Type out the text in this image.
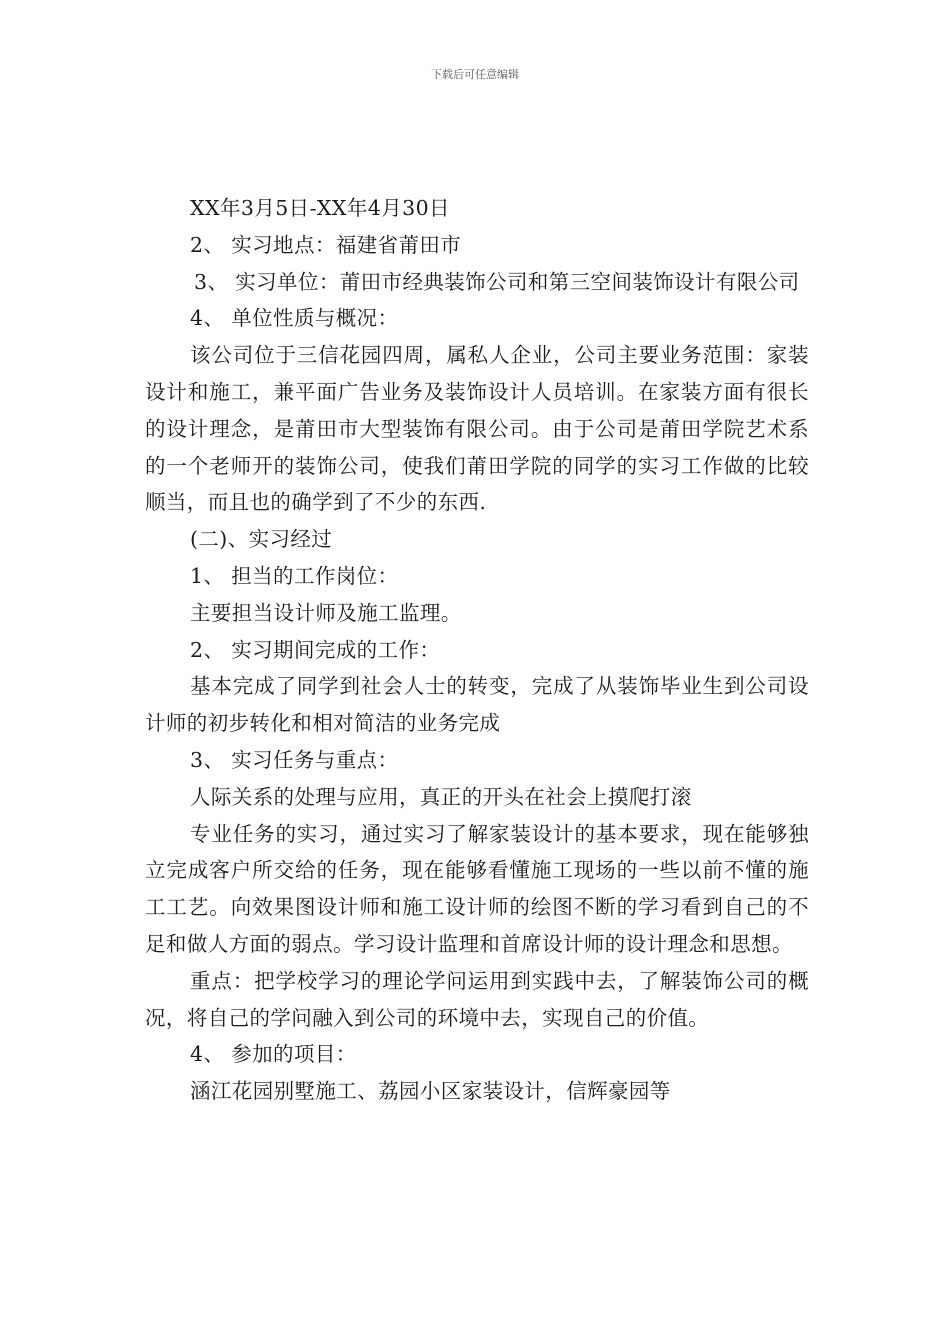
下载后可任意编辑

XX年3月5日-XX年4月30日

2、 实习地点：福建省莆田市

3、 实习单位：莆田市经典装饰公司和第三空间装饰设计有限公司

4、 单位性质与概况：

该公司位于三信花园四周，属私人企业，公司主要业务范围：家装设计和施工，兼平面广告业务及装饰设计人员培训。在家装方面有很长的设计理念，是莆田市大型装饰有限公司。由于公司是莆田学院艺术系的一个老师开的装饰公司，使我们莆田学院的同学的实习工作做的比较顺当，而且也的确学到了不少的东西.

(二)、实习经过

1、 担当的工作岗位：

主要担当设计师及施工监理。

2、 实习期间完成的工作：

基本完成了同学到社会人士的转变，完成了从装饰毕业生到公司设计师的初步转化和相对简洁的业务完成

3、 实习任务与重点：

人际关系的处理与应用，真正的开头在社会上摸爬打滚

专业任务的实习，通过实习了解家装设计的基本要求，现在能够独立完成客户所交给的任务，现在能够看懂施工现场的一些以前不懂的施工工艺。向效果图设计师和施工设计师的绘图不断的学习看到自己的不足和做人方面的弱点。学习设计监理和首席设计师的设计理念和思想。

重点：把学校学习的理论学问运用到实践中去，了解装饰公司的概况，将自己的学问融入到公司的环境中去，实现自己的价值。

4、 参加的项目：

涵江花园别墅施工、荔园小区家装设计，信辉豪园等
